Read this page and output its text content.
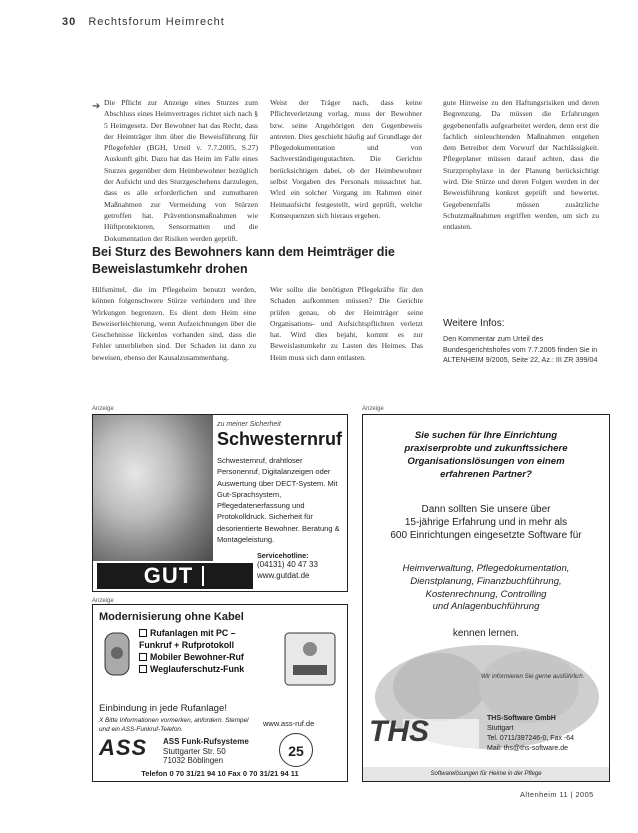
30 Rechtsforum Heimrecht
➔ Die Pflicht zur Anzeige eines Sturzes zum Abschluss eines Heimvertrages richtet sich nach § 5 Heimgesetz. Der Bewohner hat das Recht, dass der Heimträger ihm über die Beweisführung für Pflegefehler (BGH, Urteil v. 7.7.2005, S.27) Auskunft gibt. Dazu hat das Heim im Falle eines Sturzes gegenüber dem Heimbewohner bezüglich der Aufsicht und des Sturzgeschehens darzulegen, dass es alle erforderlichen und zumutbaren Maßnahmen zur Vermeidung von Stürzen getroffen hat. Präventionsmaßnahmen wie Hüftprotektoren, Sensormatten und die Dokumentation der Risiken werden geprüft.

Weist der Träger nach, dass keine Pflichtverletzung vorlag, muss der Bewohner bzw. seine Angehörigen den Gegenbeweis antreten. Dies geschieht häufig auf Grundlage der Pflegedokumentation und von Sachverständigengutachten. Die Gerichte berücksichtigen dabei, ob der Heimbewohner selbst Vorgaben des Personals missachtet hat. Wird ein solcher Vorgang im Rahmen einer Heimaufsicht festgestellt, wird geprüft, welche Konsequenzen sich hieraus ergeben.

gute Hinweise zu den Haftungsrisiken und deren Begrenzung. Da müssen die Erfahrungen gegebenenfalls aufgearbeitet werden, denn erst die fachlich einleuchtenden Maßnahmen entgehen dem Betreiber dem Vorwurf der Nachlässigkeit. Pflegeplaner müssen darauf achten, dass die Sturzprophylaxe in der Planung berücksichtigt wird. Die Stürze und deren Folgen werden in der Beweisführung konkret geprüft und bewertet. Gegebenenfalls müssen zusätzliche Schutzmaßnahmen ergriffen werden, um sich zu entlasten.

Bei Sturz des Bewohners kann dem Heimträger die Beweislastumkehr drohen

Hilfsmittel, die im Pflegeheim benutzt werden, können folgenschwere Stürze verhindern und ihre Wirkungen begrenzen. Es dient dem Heim eine Beweiserleichterung, wenn Aufzeichnungen über die Geschehnisse lückenlos vorhanden sind, dass die Fehler unterblieben sind. Der Schaden ist dann zu beweisen, ebenso der Kausalzusammenhang.

Wer sollte die benötigten Pflegekräfte für den Schaden aufkommen müssen? Die Gerichte prüfen genau, ob der Heimträger seine Organisations- und Aufsichtspflichten verletzt hat. Wird dies bejaht, kommt es zur Beweislastumkehr zu Lasten des Heimes. Das Heim muss sich dann entlasten.

Weitere Infos:
Den Kommentar zum Urteil des Bundesgerichtshofes vom 7.7.2005 finden Sie in ALTENHEIM 9/2005, Seite 22, Az.: III ZR 399/04
Anzeige	Anzeige
Anzeige
zu meiner Sicherheit
Schwesternruf
Schwesternruf, drahtloser Personenruf, Digitalanzeigen oder Auswertung über DECT-System. Mit Gut-Sprachsystem, Pflegedatenerfassung und Protokolldruck. Sicherheit für desorientierte Bewohner. Beratung & Montageleistung.
Servicehotline:
(04131) 40 47 33
www.gutdat.de
GUT  GESELL
Sie suchen für Ihre Einrichtung
praxiserprobte und zukunftssichere
Organisationslösungen von einem
erfahrenen Partner?
Dann sollten Sie unsere über
15-jährige Erfahrung und in mehr als
600 Einrichtungen eingesetzte Software für
Heimverwaltung, Pflegedokumentation,
Dienstplanung, Finanzbuchführung,
Kostenrechnung, Controlling
und Anlagenbuchführung
kennen lernen.
Wir informieren Sie gerne ausführlich.
THS	THS-Software GmbH
Stuttgart
Tel. 0711/397246-0, Fax -64
Mail: ths@ths-software.de
Softwarelösungen für Heime in der Pflege
Modernisierung ohne Kabel
Rufanlagen mit PC – Funkruf + Rufprotokoll
Mobiler Bewohner-Ruf
Weglauferschutz-Funk
Einbindung in jede Rufanlage!
X Bitte Informationen vormerken, anfordern. Stempel und ein ASS-Funkruf-Telefon.
www.ass-ruf.de
ASS ASS Funk-Rufsysteme
Stuttgarter Str. 50
71032 Böblingen
25
Telefon 0 70 31/21 94 10 Fax 0 70 31/21 94 11
Altenheim 11 | 2005
